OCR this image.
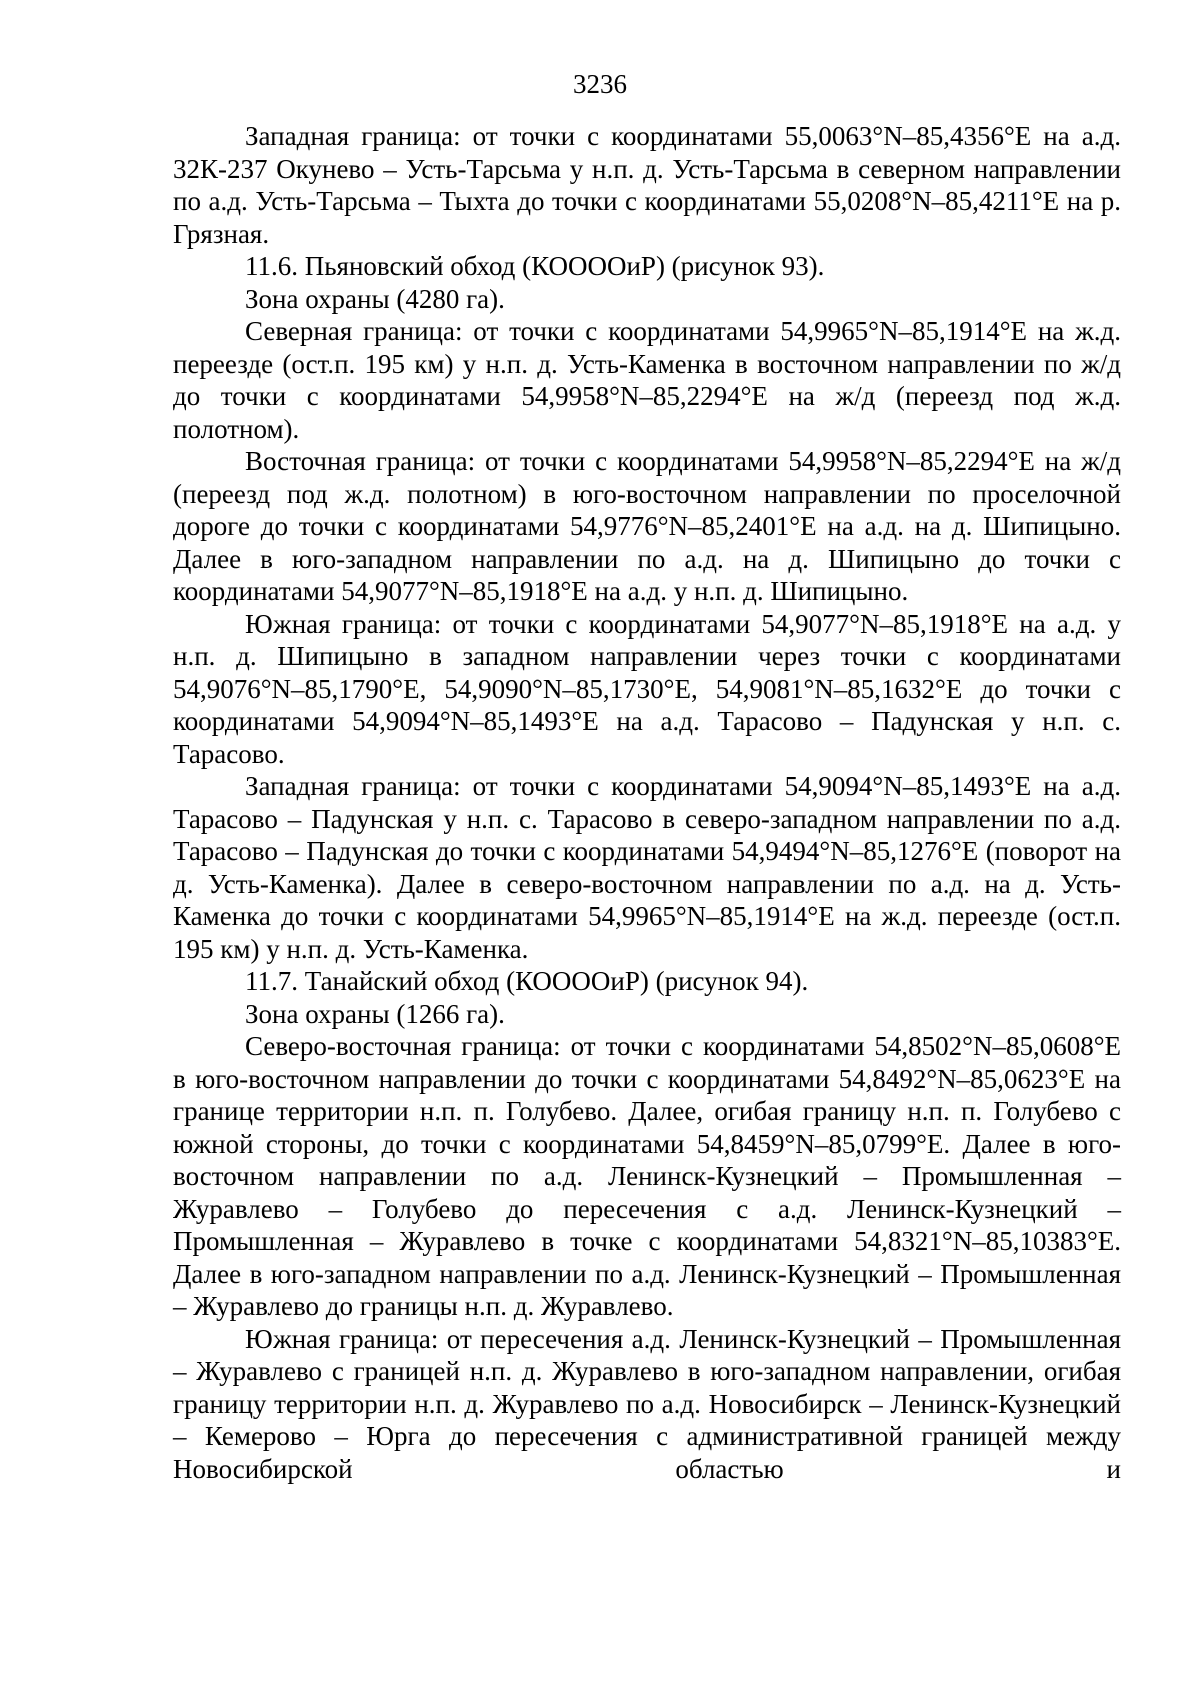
3236

Западная граница: от точки с координатами 55,0063°N–85,4356°E на а.д. 32К-237 Окунево – Усть-Тарсьма у н.п. д. Усть-Тарсьма в северном направлении по а.д. Усть-Тарсьма – Тыхта до точки с координатами 55,0208°N–85,4211°E на р. Грязная.

11.6. Пьяновский обход (КООООиР) (рисунок 93).

Зона охраны (4280 га).

Северная граница: от точки с координатами 54,9965°N–85,1914°E на ж.д. переезде (ост.п. 195 км) у н.п. д. Усть-Каменка в восточном направлении по ж/д до точки с координатами 54,9958°N–85,2294°E на ж/д (переезд под ж.д. полотном).

Восточная граница: от точки с координатами 54,9958°N–85,2294°E на ж/д (переезд под ж.д. полотном) в юго-восточном направлении по проселочной дороге до точки с координатами 54,9776°N–85,2401°E на а.д. на д. Шипицыно. Далее в юго-западном направлении по а.д. на д. Шипицыно до точки с координатами 54,9077°N–85,1918°E на а.д. у н.п. д. Шипицыно.

Южная граница: от точки с координатами 54,9077°N–85,1918°E на а.д. у н.п. д. Шипицыно в западном направлении через точки с координатами 54,9076°N–85,1790°E, 54,9090°N–85,1730°E, 54,9081°N–85,1632°E до точки с координатами 54,9094°N–85,1493°E на а.д. Тарасово – Падунская у н.п. с. Тарасово.

Западная граница: от точки с координатами 54,9094°N–85,1493°E на а.д. Тарасово – Падунская у н.п. с. Тарасово в северо-западном направлении по а.д. Тарасово – Падунская до точки с координатами 54,9494°N–85,1276°E (поворот на д. Усть-Каменка). Далее в северо-восточном направлении по а.д. на д. Усть-Каменка до точки с координатами 54,9965°N–85,1914°E на ж.д. переезде (ост.п. 195 км) у н.п. д. Усть-Каменка.

11.7. Танайский обход (КООООиР) (рисунок 94).

Зона охраны (1266 га).

Северо-восточная граница: от точки с координатами 54,8502°N–85,0608°E в юго-восточном направлении до точки с координатами 54,8492°N–85,0623°E на границе территории н.п. п. Голубево. Далее, огибая границу н.п. п. Голубево с южной стороны, до точки с координатами 54,8459°N–85,0799°E. Далее в юго-восточном направлении по а.д. Ленинск-Кузнецкий – Промышленная – Журавлево – Голубево до пересечения с а.д. Ленинск-Кузнецкий – Промышленная – Журавлево в точке с координатами 54,8321°N–85,10383°E. Далее в юго-западном направлении по а.д. Ленинск-Кузнецкий – Промышленная – Журавлево до границы н.п. д. Журавлево.

Южная граница: от пересечения а.д. Ленинск-Кузнецкий – Промышленная – Журавлево с границей н.п. д. Журавлево в юго-западном направлении, огибая границу территории н.п. д. Журавлево по а.д. Новосибирск – Ленинск-Кузнецкий – Кемерово – Юрга до пересечения с административной границей между Новосибирской областью и
